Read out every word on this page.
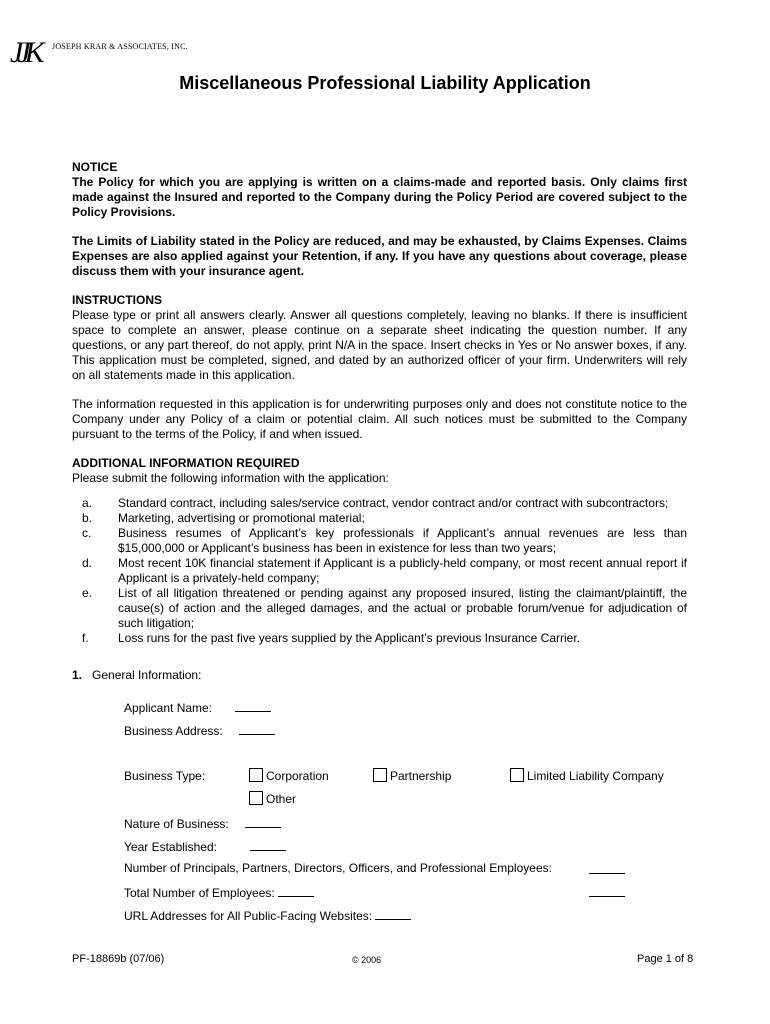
JJK	JOSEPH KRAR & ASSOCIATES, INC.
Miscellaneous Professional Liability Application
NOTICE
The Policy for which you are applying is written on a claims-made and reported basis. Only claims first made against the Insured and reported to the Company during the Policy Period are covered subject to the Policy Provisions.
The Limits of Liability stated in the Policy are reduced, and may be exhausted, by Claims Expenses. Claims Expenses are also applied against your Retention, if any. If you have any questions about coverage, please discuss them with your insurance agent.
INSTRUCTIONS
Please type or print all answers clearly. Answer all questions completely, leaving no blanks. If there is insufficient space to complete an answer, please continue on a separate sheet indicating the question number. If any questions, or any part thereof, do not apply, print N/A in the space. Insert checks in Yes or No answer boxes, if any. This application must be completed, signed, and dated by an authorized officer of your firm. Underwriters will rely on all statements made in this application.
The information requested in this application is for underwriting purposes only and does not constitute notice to the Company under any Policy of a claim or potential claim. All such notices must be submitted to the Company pursuant to the terms of the Policy, if and when issued.
ADDITIONAL INFORMATION REQUIRED
Please submit the following information with the application:
a.	Standard contract, including sales/service contract, vendor contract and/or contract with subcontractors;
b.	Marketing, advertising or promotional material;
c.	Business resumes of Applicant’s key professionals if Applicant’s annual revenues are less than $15,000,000 or Applicant’s business has been in existence for less than two years;
d.	Most recent 10K financial statement if Applicant is a publicly-held company, or most recent annual report if Applicant is a privately-held company;
e.	List of all litigation threatened or pending against any proposed insured, listing the claimant/plaintiff, the cause(s) of action and the alleged damages, and the actual or probable forum/venue for adjudication of such litigation;
f.	Loss runs for the past five years supplied by the Applicant’s previous Insurance Carrier.
1. General Information:
Applicant Name:
Business Address:
Business Type:	Corporation	Partnership	Limited Liability Company
Other
Nature of Business:
Year Established:
Number of Principals, Partners, Directors, Officers, and Professional Employees:
Total Number of Employees:
URL Addresses for All Public-Facing Websites:
PF-18869b (07/06)	© 2006	Page 1 of 8
